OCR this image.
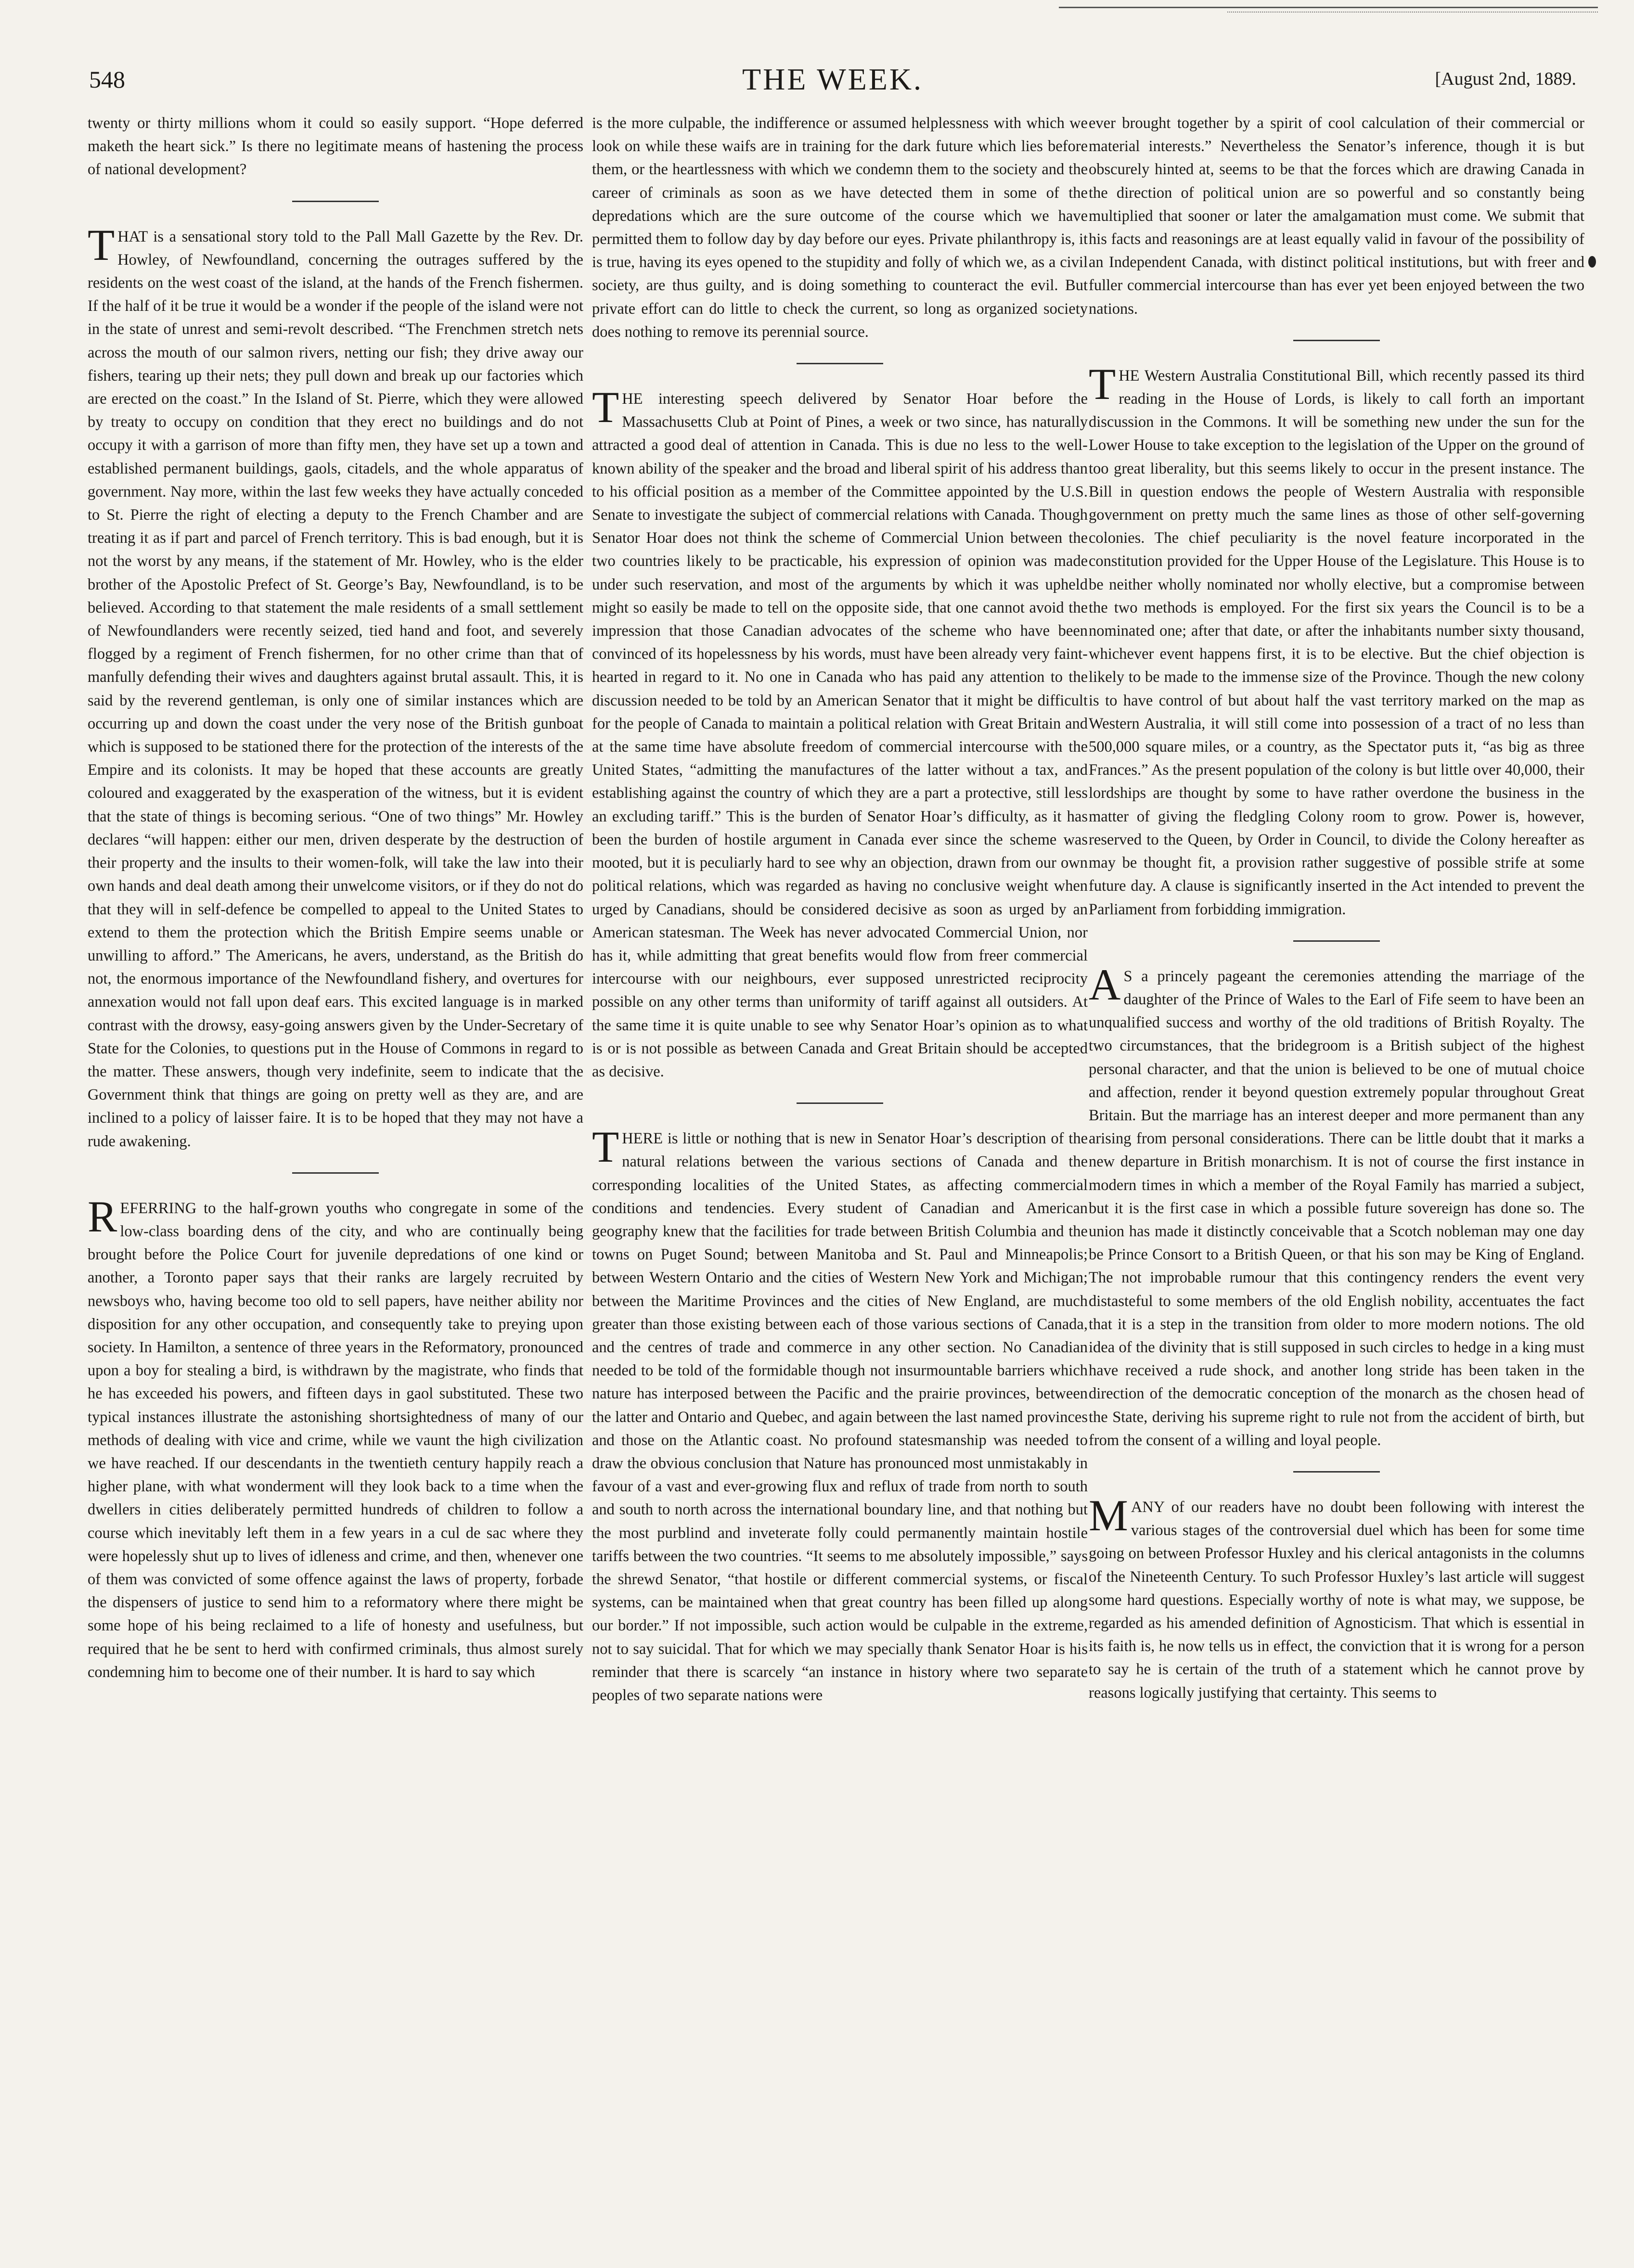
548	THE WEEK.	[August 2nd, 1889.

twenty or thirty millions whom it could so easily support. “Hope deferred maketh the heart sick.” Is there no legitimate means of hastening the process of national development?

THAT is a sensational story told to the Pall Mall Gazette by the Rev. Dr. Howley, of Newfoundland, concerning the outrages suffered by the residents on the west coast of the island, at the hands of the French fishermen. If the half of it be true it would be a wonder if the people of the island were not in the state of unrest and semi-revolt described. “The Frenchmen stretch nets across the mouth of our salmon rivers, netting our fish; they drive away our fishers, tearing up their nets; they pull down and break up our factories which are erected on the coast.” In the Island of St. Pierre, which they were allowed by treaty to occupy on condition that they erect no buildings and do not occupy it with a garrison of more than fifty men, they have set up a town and established permanent buildings, gaols, citadels, and the whole apparatus of government. Nay more, within the last few weeks they have actually conceded to St. Pierre the right of electing a deputy to the French Chamber and are treating it as if part and parcel of French territory. This is bad enough, but it is not the worst by any means, if the statement of Mr. Howley, who is the elder brother of the Apostolic Prefect of St. George’s Bay, Newfoundland, is to be believed. According to that statement the male residents of a small settlement of Newfoundlanders were recently seized, tied hand and foot, and severely flogged by a regiment of French fishermen, for no other crime than that of manfully defending their wives and daughters against brutal assault. This, it is said by the reverend gentleman, is only one of similar instances which are occurring up and down the coast under the very nose of the British gunboat which is supposed to be stationed there for the protection of the interests of the Empire and its colonists. It may be hoped that these accounts are greatly coloured and exaggerated by the exasperation of the witness, but it is evident that the state of things is becoming serious. “One of two things” Mr. Howley declares “will happen: either our men, driven desperate by the destruction of their property and the insults to their women-folk, will take the law into their own hands and deal death among their unwelcome visitors, or if they do not do that they will in self-defence be compelled to appeal to the United States to extend to them the protection which the British Empire seems unable or unwilling to afford.” The Americans, he avers, understand, as the British do not, the enormous importance of the Newfoundland fishery, and overtures for annexation would not fall upon deaf ears. This excited language is in marked contrast with the drowsy, easy-going answers given by the Under-Secretary of State for the Colonies, to questions put in the House of Commons in regard to the matter. These answers, though very indefinite, seem to indicate that the Government think that things are going on pretty well as they are, and are inclined to a policy of laisser faire. It is to be hoped that they may not have a rude awakening.

REFERRING to the half-grown youths who congregate in some of the low-class boarding dens of the city, and who are continually being brought before the Police Court for juvenile depredations of one kind or another, a Toronto paper says that their ranks are largely recruited by newsboys who, having become too old to sell papers, have neither ability nor disposition for any other occupation, and consequently take to preying upon society. In Hamilton, a sentence of three years in the Reformatory, pronounced upon a boy for stealing a bird, is withdrawn by the magistrate, who finds that he has exceeded his powers, and fifteen days in gaol substituted. These two typical instances illustrate the astonishing shortsightedness of many of our methods of dealing with vice and crime, while we vaunt the high civilization we have reached. If our descendants in the twentieth century happily reach a higher plane, with what wonderment will they look back to a time when the dwellers in cities deliberately permitted hundreds of children to follow a course which inevitably left them in a few years in a cul de sac where they were hopelessly shut up to lives of idleness and crime, and then, whenever one of them was convicted of some offence against the laws of property, forbade the dispensers of justice to send him to a reformatory where there might be some hope of his being reclaimed to a life of honesty and usefulness, but required that he be sent to herd with confirmed criminals, thus almost surely condemning him to become one of their number. It is hard to say which

is the more culpable, the indifference or assumed helplessness with which we look on while these waifs are in training for the dark future which lies before them, or the heartlessness with which we condemn them to the society and the career of criminals as soon as we have detected them in some of the depredations which are the sure outcome of the course which we have permitted them to follow day by day before our eyes. Private philanthropy is, it is true, having its eyes opened to the stupidity and folly of which we, as a civil society, are thus guilty, and is doing something to counteract the evil. But private effort can do little to check the current, so long as organized society does nothing to remove its perennial source.

THE interesting speech delivered by Senator Hoar before the Massachusetts Club at Point of Pines, a week or two since, has naturally attracted a good deal of attention in Canada. This is due no less to the well-known ability of the speaker and the broad and liberal spirit of his address than to his official position as a member of the Committee appointed by the U.S. Senate to investigate the subject of commercial relations with Canada. Though Senator Hoar does not think the scheme of Commercial Union between the two countries likely to be practicable, his expression of opinion was made under such reservation, and most of the arguments by which it was upheld might so easily be made to tell on the opposite side, that one cannot avoid the impression that those Canadian advocates of the scheme who have been convinced of its hopelessness by his words, must have been already very faint-hearted in regard to it. No one in Canada who has paid any attention to the discussion needed to be told by an American Senator that it might be difficult for the people of Canada to maintain a political relation with Great Britain and at the same time have absolute freedom of commercial intercourse with the United States, “admitting the manufactures of the latter without a tax, and establishing against the country of which they are a part a protective, still less an excluding tariff.” This is the burden of Senator Hoar’s difficulty, as it has been the burden of hostile argument in Canada ever since the scheme was mooted, but it is peculiarly hard to see why an objection, drawn from our own political relations, which was regarded as having no conclusive weight when urged by Canadians, should be considered decisive as soon as urged by an American statesman. The Week has never advocated Commercial Union, nor has it, while admitting that great benefits would flow from freer commercial intercourse with our neighbours, ever supposed unrestricted reciprocity possible on any other terms than uniformity of tariff against all outsiders. At the same time it is quite unable to see why Senator Hoar’s opinion as to what is or is not possible as between Canada and Great Britain should be accepted as decisive.

THERE is little or nothing that is new in Senator Hoar’s description of the natural relations between the various sections of Canada and the corresponding localities of the United States, as affecting commercial conditions and tendencies. Every student of Canadian and American geography knew that the facilities for trade between British Columbia and the towns on Puget Sound; between Manitoba and St. Paul and Minneapolis; between Western Ontario and the cities of Western New York and Michigan; between the Maritime Provinces and the cities of New England, are much greater than those existing between each of those various sections of Canada, and the centres of trade and commerce in any other section. No Canadian needed to be told of the formidable though not insurmountable barriers which nature has interposed between the Pacific and the prairie provinces, between the latter and Ontario and Quebec, and again between the last named provinces and those on the Atlantic coast. No profound statesmanship was needed to draw the obvious conclusion that Nature has pronounced most unmistakably in favour of a vast and ever-growing flux and reflux of trade from north to south and south to north across the international boundary line, and that nothing but the most purblind and inveterate folly could permanently maintain hostile tariffs between the two countries. “It seems to me absolutely impossible,” says the shrewd Senator, “that hostile or different commercial systems, or fiscal systems, can be maintained when that great country has been filled up along our border.” If not impossible, such action would be culpable in the extreme, not to say suicidal. That for which we may specially thank Senator Hoar is his reminder that there is scarcely “an instance in history where two separate peoples of two separate nations were

ever brought together by a spirit of cool calculation of their commercial or material interests.” Nevertheless the Senator’s inference, though it is but obscurely hinted at, seems to be that the forces which are drawing Canada in the direction of political union are so powerful and so constantly being multiplied that sooner or later the amalgamation must come. We submit that his facts and reasonings are at least equally valid in favour of the possibility of an Independent Canada, with distinct political institutions, but with freer and fuller commercial intercourse than has ever yet been enjoyed between the two nations.

THE Western Australia Constitutional Bill, which recently passed its third reading in the House of Lords, is likely to call forth an important discussion in the Commons. It will be something new under the sun for the Lower House to take exception to the legislation of the Upper on the ground of too great liberality, but this seems likely to occur in the present instance. The Bill in question endows the people of Western Australia with responsible government on pretty much the same lines as those of other self-governing colonies. The chief peculiarity is the novel feature incorporated in the constitution provided for the Upper House of the Legislature. This House is to be neither wholly nominated nor wholly elective, but a compromise between the two methods is employed. For the first six years the Council is to be a nominated one; after that date, or after the inhabitants number sixty thousand, whichever event happens first, it is to be elective. But the chief objection is likely to be made to the immense size of the Province. Though the new colony is to have control of but about half the vast territory marked on the map as Western Australia, it will still come into possession of a tract of no less than 500,000 square miles, or a country, as the Spectator puts it, “as big as three Frances.” As the present population of the colony is but little over 40,000, their lordships are thought by some to have rather overdone the business in the matter of giving the fledgling Colony room to grow. Power is, however, reserved to the Queen, by Order in Council, to divide the Colony hereafter as may be thought fit, a provision rather suggestive of possible strife at some future day. A clause is significantly inserted in the Act intended to prevent the Parliament from forbidding immigration.

A S a princely pageant the ceremonies attending the marriage of the daughter of the Prince of Wales to the Earl of Fife seem to have been an unqualified success and worthy of the old traditions of British Royalty. The two circumstances, that the bridegroom is a British subject of the highest personal character, and that the union is believed to be one of mutual choice and affection, render it beyond question extremely popular throughout Great Britain. But the marriage has an interest deeper and more permanent than any arising from personal considerations. There can be little doubt that it marks a new departure in British monarchism. It is not of course the first instance in modern times in which a member of the Royal Family has married a subject, but it is the first case in which a possible future sovereign has done so. The union has made it distinctly conceivable that a Scotch nobleman may one day be Prince Consort to a British Queen, or that his son may be King of England. The not improbable rumour that this contingency renders the event very distasteful to some members of the old English nobility, accentuates the fact that it is a step in the transition from older to more modern notions. The old idea of the divinity that is still supposed in such circles to hedge in a king must have received a rude shock, and another long stride has been taken in the direction of the democratic conception of the monarch as the chosen head of the State, deriving his supreme right to rule not from the accident of birth, but from the consent of a willing and loyal people.

MANY of our readers have no doubt been following with interest the various stages of the controversial duel which has been for some time going on between Professor Huxley and his clerical antagonists in the columns of the Nineteenth Century. To such Professor Huxley’s last article will suggest some hard questions. Especially worthy of note is what may, we suppose, be regarded as his amended definition of Agnosticism. That which is essential in its faith is, he now tells us in effect, the conviction that it is wrong for a person to say he is certain of the truth of a statement which he cannot prove by reasons logically justifying that certainty. This seems to
